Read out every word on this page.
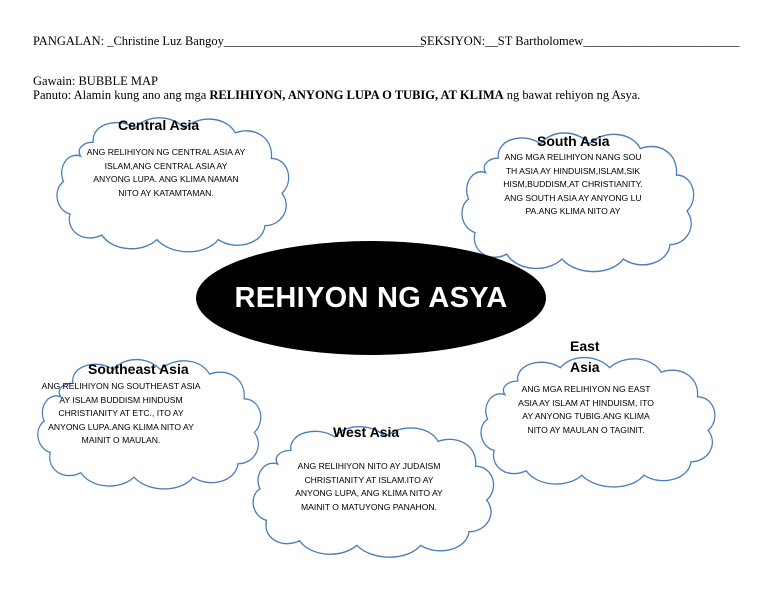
PANGALAN: _Christine Luz Bangoy________________________________
SEKSIYON:__ST Bartholomew_________________________
Gawain: BUBBLE MAP
Panuto: Alamin kung ano ang mga RELIHIYON, ANYONG LUPA O TUBIG, AT KLIMA ng bawat rehiyon ng Asya.
REHIYON NG ASYA
Central Asia
ANG RELIHIYON NG CENTRAL ASIA AY ISLAM,ANG CENTRAL ASIA AY ANYONG LUPA. ANG KLIMA NAMAN NITO AY KATAMTAMAN.
South Asia
ANG MGA RELIHIYON NANG SOUTH ASIA AY HINDUISM,ISLAM,SIKHISM,BUDDISM,AT CHRISTIANITY.ANG SOUTH ASIA AY ANYONG LUPA.ANG KLIMA NITO AY
Southeast Asia
ANG RELIHIYON NG SOUTHEAST ASIA AY ISLAM BUDDISM HINDUSM CHRISTIANITY AT ETC., ITO AY ANYONG LUPA.ANG KLIMA NITO AY MAINIT O MAULAN.
East
Asia
ANG MGA RELIHIYON NG EAST ASIA AY ISLAM AT HINDUISM, ITO AY ANYONG TUBIG.ANG KLIMA NITO AY MAULAN O TAGINIT.
West Asia
ANG RELIHIYON NITO AY JUDAISM CHRISTIANITY AT ISLAM.ITO AY ANYONG LUPA, ANG KLIMA NITO AY MAINIT O MATUYONG PANAHON.
